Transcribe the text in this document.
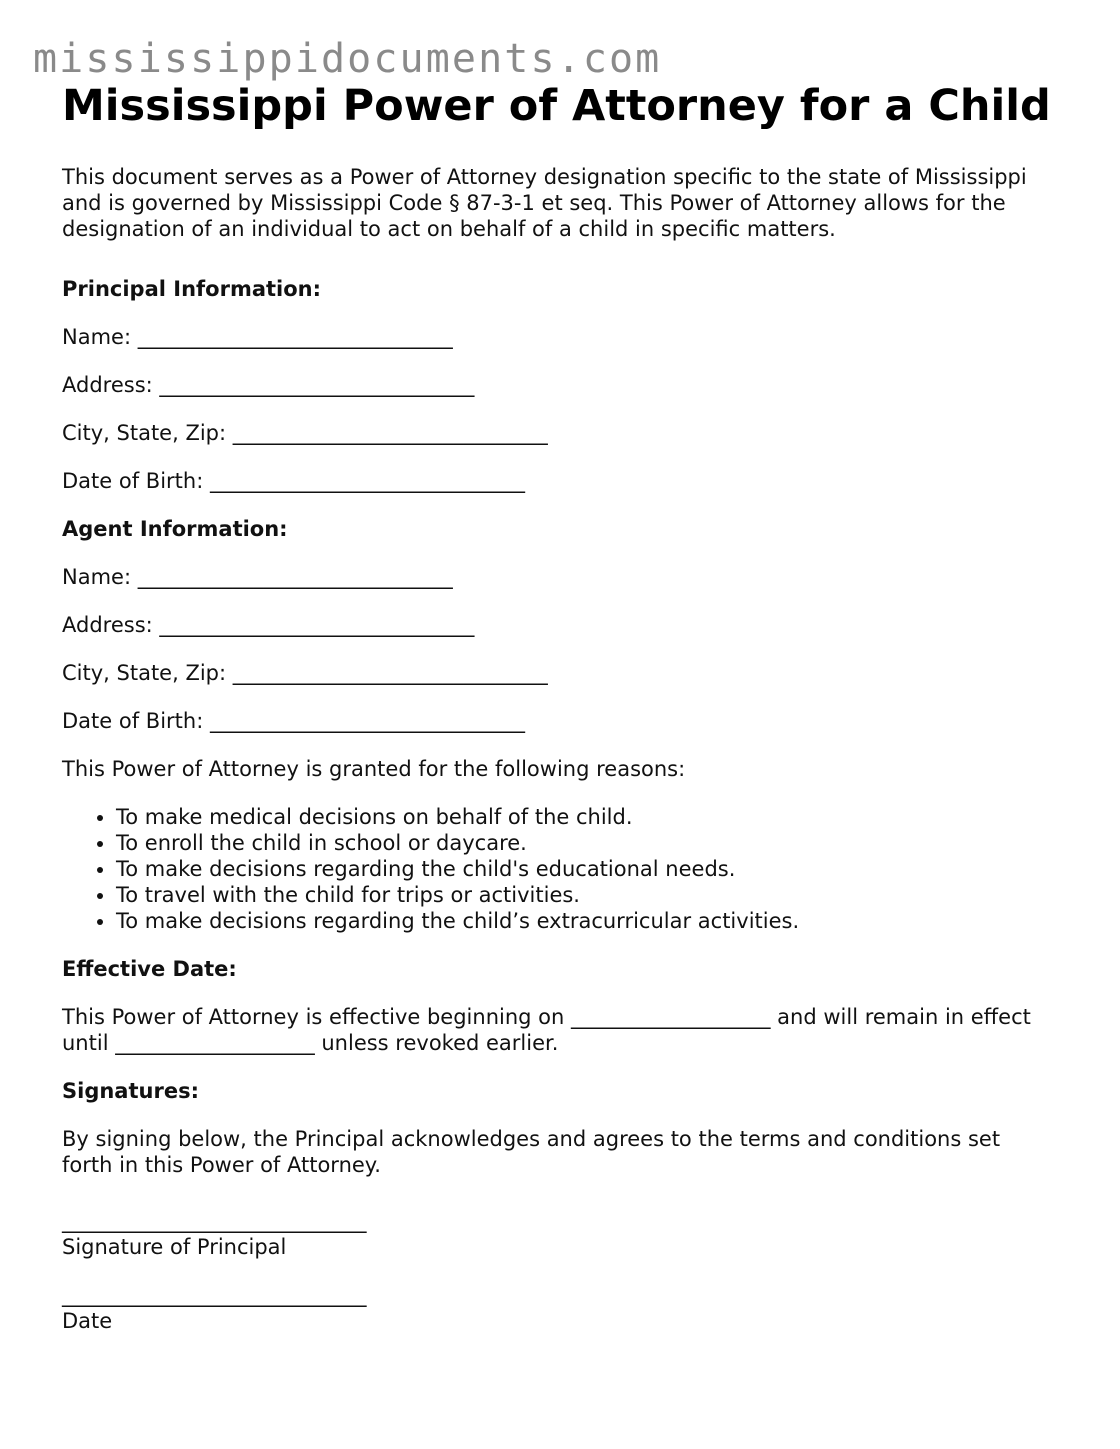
mississippidocuments.com
Mississippi Power of Attorney for a Child

This document serves as a Power of Attorney designation specific to the state of Mississippi and is governed by Mississippi Code § 87-3-1 et seq. This Power of Attorney allows for the designation of an individual to act on behalf of a child in specific matters.

Principal Information:

Name: ______________________________
Address: ______________________________
City, State, Zip: ______________________________
Date of Birth: ______________________________

Agent Information:

Name: ______________________________
Address: ______________________________
City, State, Zip: ______________________________
Date of Birth: ______________________________

This Power of Attorney is granted for the following reasons:

• To make medical decisions on behalf of the child.
• To enroll the child in school or daycare.
• To make decisions regarding the child's educational needs.
• To travel with the child for trips or activities.
• To make decisions regarding the child’s extracurricular activities.

Effective Date:

This Power of Attorney is effective beginning on ___________________ and will remain in effect until ___________________ unless revoked earlier.

Signatures:

By signing below, the Principal acknowledges and agrees to the terms and conditions set forth in this Power of Attorney.

_____________________________
Signature of Principal
_____________________________
Date
